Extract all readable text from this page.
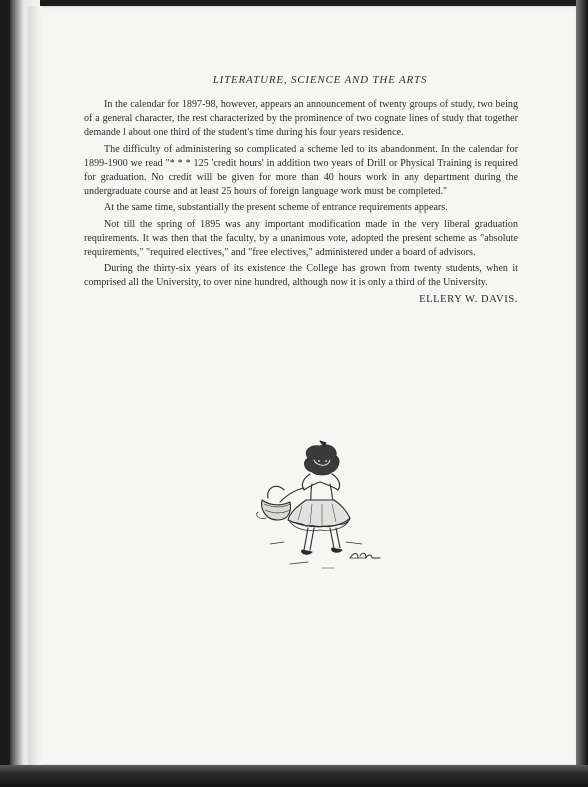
LITERATURE, SCIENCE AND THE ARTS

In the calendar for 1897-98, however, appears an announcement of twenty groups of study, two being of a general character, the rest characterized by the prominence of two cognate lines of study that together demande l about one third of the student's time during his four years residence.

The difficulty of administering so complicated a scheme led to its abandonment. In the calendar for 1899-1900 we read "* * * 125 'credit hours' in addition two years of Drill or Physical Training is required for graduation. No credit will be given for more than 40 hours work in any department during the undergraduate course and at least 25 hours of foreign language work must be completed."

At the same time, substantially the present scheme of entrance requirements appears.

Not till the spring of 1895 was any important modification made in the very liberal graduation requirements. It was then that the faculty, by a unanimous vote, adopted the present scheme as "absolute requirements," "required electives," and "free electives," administered under a board of advisors.

During the thirty-six years of its existence the College has grown from twenty students, when it comprised all the University, to over nine hundred, although now it is only a third of the University.

ELLERY W. DAVIS.
